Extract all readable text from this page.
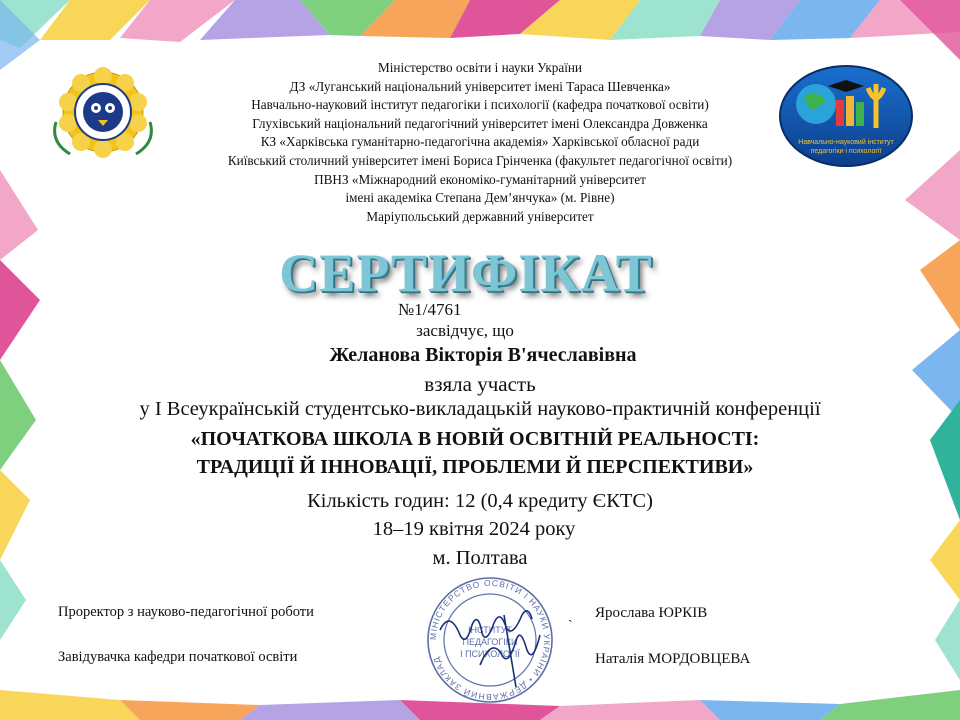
Навчально-науковий інститут
педагогіки і психології
Міністерство освіти і науки України
ДЗ «Луганський національний університет імені Тараса Шевченка»
Навчально-науковий інститут педагогіки і психології (кафедра початкової освіти)
Глухівський національний педагогічний університет імені Олександра Довженка
КЗ «Харківська гуманітарно-педагогічна академія» Харківської обласної ради
Київський столичний університет імені Бориса Грінченка (факультет педагогічної освіти)
ПВНЗ «Міжнародний економіко-гуманітарний університет
імені академіка Степана Дем’янчука» (м. Рівне)
Маріупольський державний університет
СЕРТИФІКАТ
№1/4761
засвідчує, що
Желанова Вікторія В'ячеславівна
взяла участь
у І Всеукраїнській студентсько-викладацькій науково-практичній конференції
«ПОЧАТКОВА ШКОЛА В НОВІЙ ОСВІТНІЙ РЕАЛЬНОСТІ:
ТРАДИЦІЇ Й ІННОВАЦІЇ, ПРОБЛЕМИ Й ПЕРСПЕКТИВИ»
Кількість годин: 12 (0,4 кредиту ЄКТС)
18–19 квітня 2024 року
м. Полтава
Проректор з науково-педагогічної роботи
Завідувачка кафедри початкової освіти
ˎ Ярослава ЮРКІВ
Наталія МОРДОВЦЕВА
МІНІСТЕРСТВО ОСВІТИ І НАУКИ УКРАЇНИ • ДЕРЖАВНИЙ ЗАКЛАД
ІНСТИТУТ
ПЕДАГОГІКИ
І ПСИХОЛОГІЇ
